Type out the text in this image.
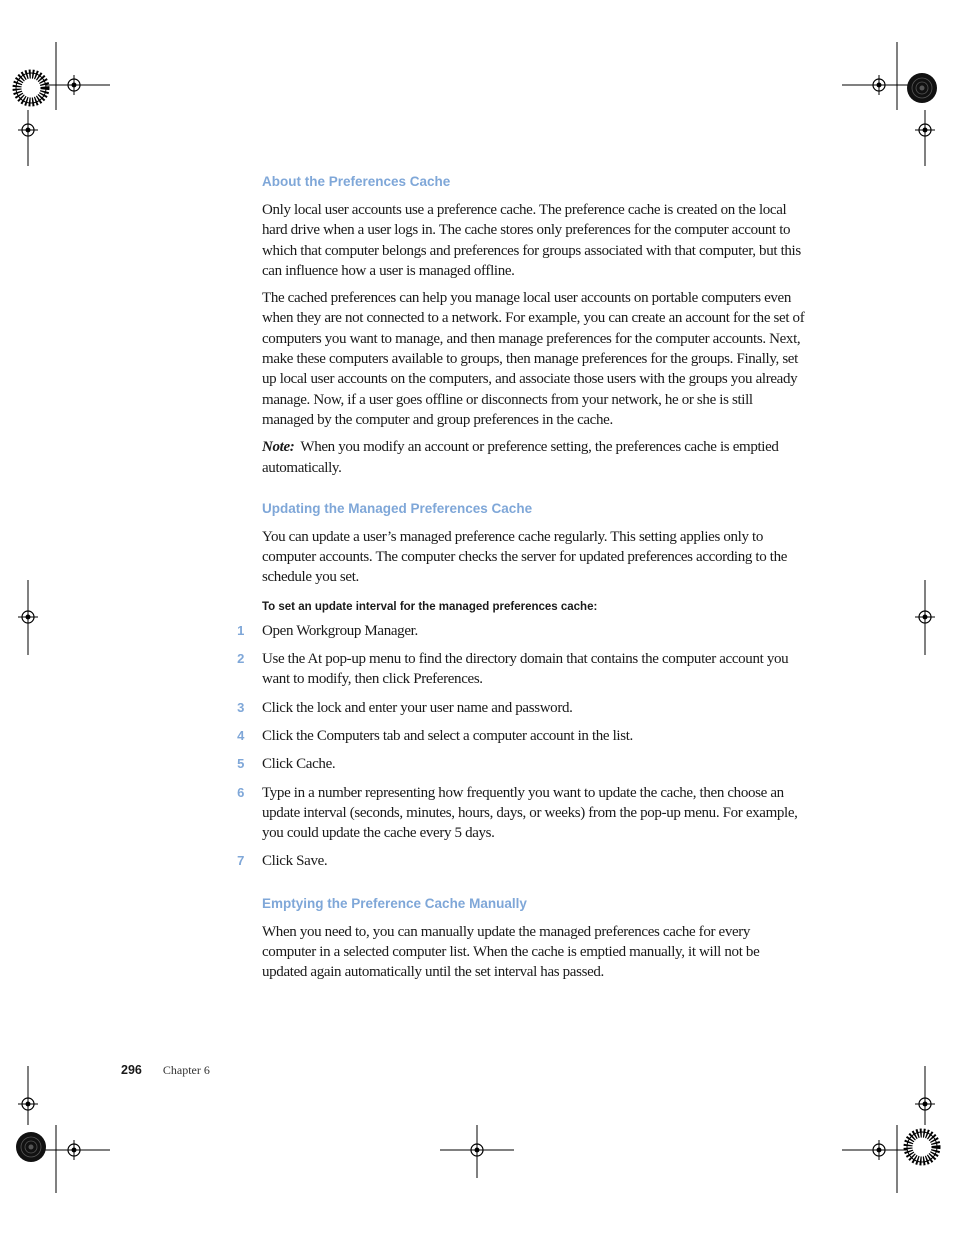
About the Preferences Cache

Only local user accounts use a preference cache. The preference cache is created on the local hard drive when a user logs in. The cache stores only preferences for the computer account to which that computer belongs and preferences for groups associated with that computer, but this can influence how a user is managed offline.

The cached preferences can help you manage local user accounts on portable computers even when they are not connected to a network. For example, you can create an account for the set of computers you want to manage, and then manage preferences for the computer accounts. Next, make these computers available to groups, then manage preferences for the groups. Finally, set up local user accounts on the computers, and associate those users with the groups you already manage. Now, if a user goes offline or disconnects from your network, he or she is still managed by the computer and group preferences in the cache.

Note: When you modify an account or preference setting, the preferences cache is emptied automatically.

Updating the Managed Preferences Cache

You can update a user’s managed preference cache regularly. This setting applies only to computer accounts. The computer checks the server for updated preferences according to the schedule you set.

To set an update interval for the managed preferences cache:
1 Open Workgroup Manager.
2 Use the At pop-up menu to find the directory domain that contains the computer account you want to modify, then click Preferences.
3 Click the lock and enter your user name and password.
4 Click the Computers tab and select a computer account in the list.
5 Click Cache.
6 Type in a number representing how frequently you want to update the cache, then choose an update interval (seconds, minutes, hours, days, or weeks) from the pop-up menu. For example, you could update the cache every 5 days.
7 Click Save.
Emptying the Preference Cache Manually

When you need to, you can manually update the managed preferences cache for every computer in a selected computer list. When the cache is emptied manually, it will not be updated again automatically until the set interval has passed.

296 Chapter 6
